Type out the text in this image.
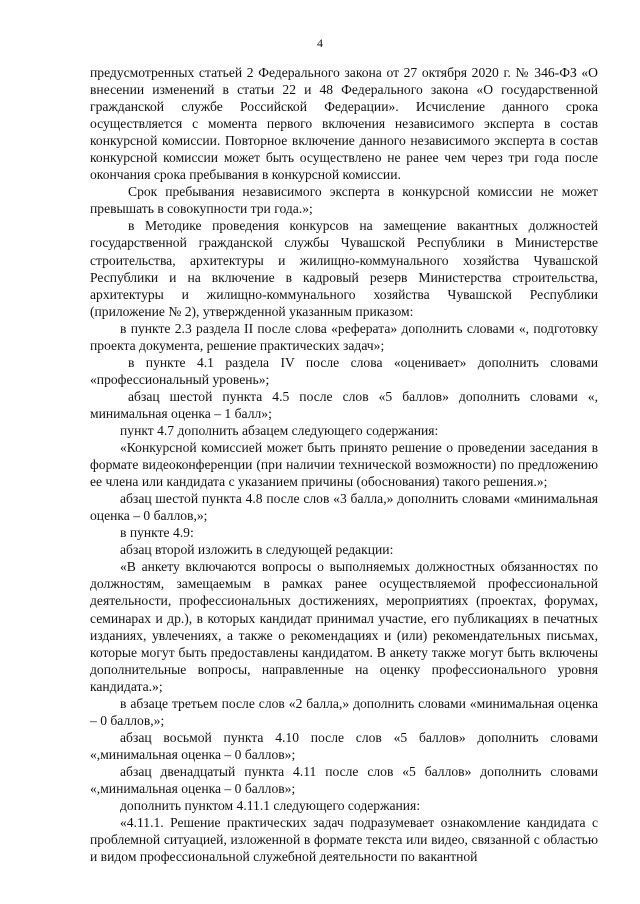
4

предусмотренных статьей 2 Федерального закона от 27 октября 2020 г. № 346-ФЗ «О внесении изменений в статьи 22 и 48 Федерального закона «О государственной гражданской службе Российской Федерации». Исчисление данного срока осуществляется с момента первого включения независимого эксперта в состав конкурсной комиссии. Повторное включение данного независимого эксперта в состав конкурсной комиссии может быть осуществлено не ранее чем через три года после окончания срока пребывания в конкурсной комиссии.

Срок пребывания независимого эксперта в конкурсной комиссии не может превышать в совокупности три года.»;

в Методике проведения конкурсов на замещение вакантных должностей государственной гражданской службы Чувашской Республики в Министерстве строительства, архитектуры и жилищно-коммунального хозяйства Чувашской Республики и на включение в кадровый резерв Министерства строительства, архитектуры и жилищно-коммунального хозяйства Чувашской Республики (приложение № 2), утвержденной указанным приказом:

в пункте 2.3 раздела II после слова «реферата» дополнить словами «, подготовку проекта документа, решение практических задач»;

в пункте 4.1 раздела IV после слова «оценивает» дополнить словами «профессиональный уровень»;

абзац шестой пункта 4.5 после слов «5 баллов» дополнить словами «, минимальная оценка – 1 балл»;

пункт 4.7 дополнить абзацем следующего содержания:

«Конкурсной комиссией может быть принято решение о проведении заседания в формате видеоконференции (при наличии технической возможности) по предложению ее члена или кандидата с указанием причины (обоснования) такого решения.»;

абзац шестой пункта 4.8 после слов «3 балла,» дополнить словами «минимальная оценка – 0 баллов,»;

в пункте 4.9:

абзац второй изложить в следующей редакции:

«В анкету включаются вопросы о выполняемых должностных обязанностях по должностям, замещаемым в рамках ранее осуществляемой профессиональной деятельности, профессиональных достижениях, мероприятиях (проектах, форумах, семинарах и др.), в которых кандидат принимал участие, его публикациях в печатных изданиях, увлечениях, а также о рекомендациях и (или) рекомендательных письмах, которые могут быть предоставлены кандидатом. В анкету также могут быть включены дополнительные вопросы, направленные на оценку профессионального уровня кандидата.»;

в абзаце третьем после слов «2 балла,» дополнить словами «минимальная оценка – 0 баллов,»;

абзац восьмой пункта 4.10 после слов «5 баллов» дополнить словами «,минимальная оценка – 0 баллов»;

абзац двенадцатый пункта 4.11 после слов «5 баллов» дополнить словами «,минимальная оценка – 0 баллов»;

дополнить пунктом 4.11.1 следующего содержания:

«4.11.1. Решение практических задач подразумевает ознакомление кандидата с проблемной ситуацией, изложенной в формате текста или видео, связанной с областью и видом профессиональной служебной деятельности по вакантной
